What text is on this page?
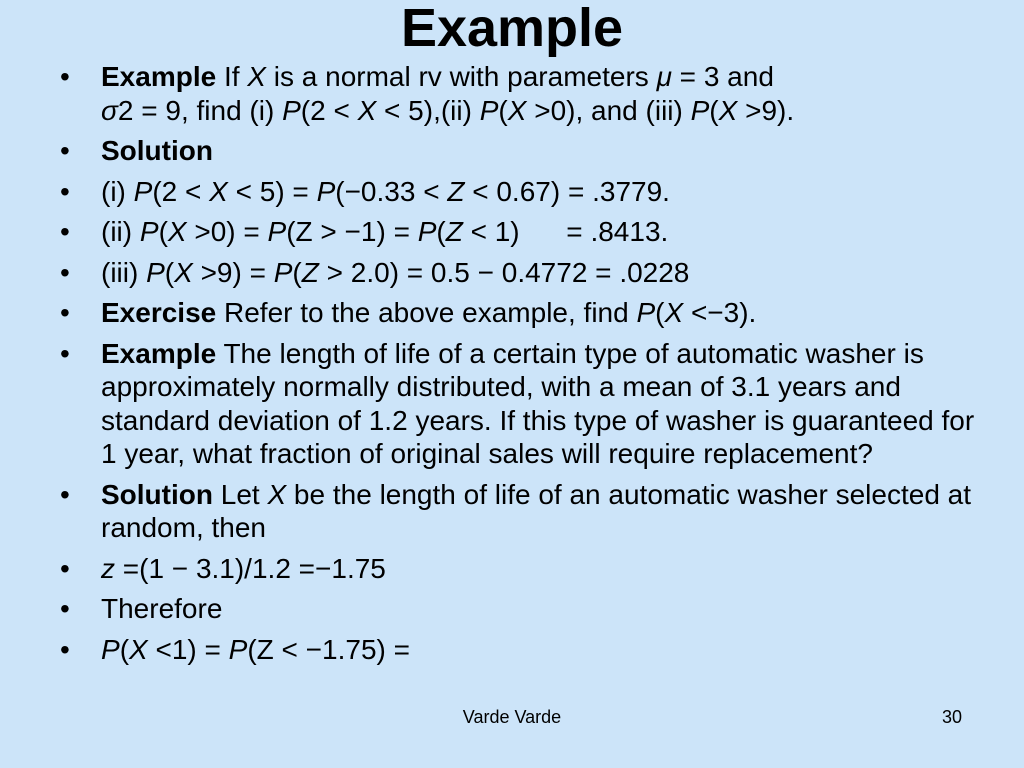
Example
• Example If X is a normal rv with parameters μ = 3 and
σ2 = 9, find (i) P(2 < X < 5),(ii) P(X >0), and (iii) P(X >9).
• Solution
• (i) P(2 < X < 5) = P(−0.33 < Z < 0.67) = .3779.
• (ii) P(X >0) = P(Z > −1) = P(Z < 1)      = .8413.
• (iii) P(X >9) = P(Z > 2.0) = 0.5 − 0.4772 = .0228
• Exercise Refer to the above example, find P(X <−3).
• Example The length of life of a certain type of automatic washer is approximately normally distributed, with a mean of 3.1 years and standard deviation of 1.2 years. If this type of washer is guaranteed for 1 year, what fraction of original sales will require replacement?
• Solution Let X be the length of life of an automatic washer selected at random, then
• z =(1 − 3.1)/1.2 =−1.75
• Therefore
• P(X <1) = P(Z < −1.75) =
Varde Varde	30
